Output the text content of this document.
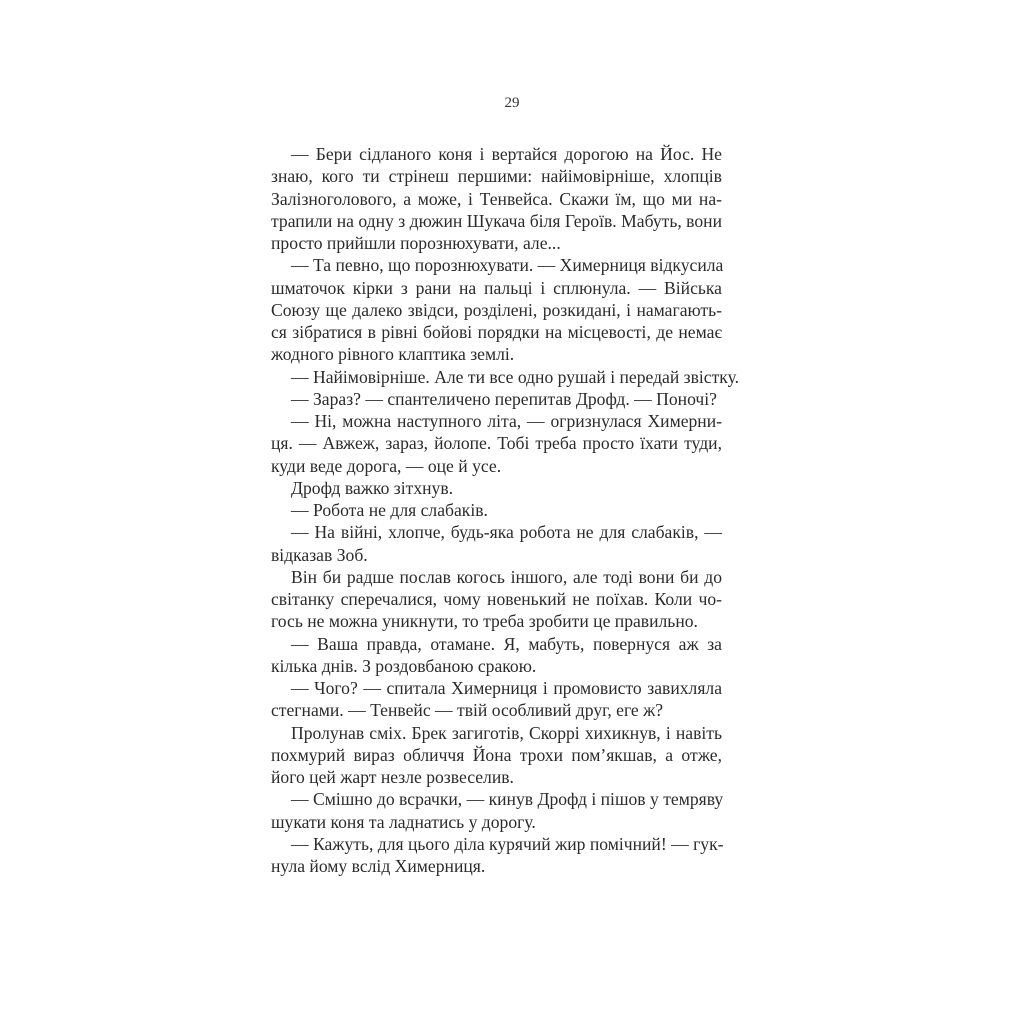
29
— Бери сідланого коня і вертайся дорогою на Йос. Не
знаю, кого ти стрінеш першими: найімовірніше, хлопців
Залізноголового, а може, і Тенвейса. Скажи їм, що ми на-
трапили на одну з дюжин Шукача біля Героїв. Мабуть, вони
просто прийшли порознюхувати, але...
— Та певно, що порознюхувати. — Химерниця відкусила
шматочок кірки з рани на пальці і сплюнула. — Війська
Союзу ще далеко звідси, розділені, розкидані, і намагають-
ся зібратися в рівні бойові порядки на місцевості, де немає
жодного рівного клаптика землі.
— Найімовірніше. Але ти все одно рушай і передай звістку.
— Зараз? — спантеличено перепитав Дрофд. — Поночі?
— Ні, можна наступного літа, — огризнулася Химерни-
ця. — Авжеж, зараз, йолопе. Тобі треба просто їхати туди,
куди веде дорога, — оце й усе.
Дрофд важко зітхнув.
— Робота не для слабаків.
— На війні, хлопче, будь-яка робота не для слабаків, —
відказав Зоб.
Він би радше послав когось іншого, але тоді вони би до
світанку сперечалися, чому новенький не поїхав. Коли чо-
гось не можна уникнути, то треба зробити це правильно.
— Ваша правда, отамане. Я, мабуть, повернуся аж за
кілька днів. З роздовбаною сракою.
— Чого? — спитала Химерниця і промовисто завихляла
стегнами. — Тенвейс — твій особливий друг, еге ж?
Пролунав сміх. Брек загиготів, Скоррі хихикнув, і навіть
похмурий вираз обличчя Йона трохи пом’якшав, а отже,
його цей жарт незле розвеселив.
— Смішно до всрачки, — кинув Дрофд і пішов у темряву
шукати коня та ладнатись у дорогу.
— Кажуть, для цього діла курячий жир помічний! — гук-
нула йому вслід Химерниця.
